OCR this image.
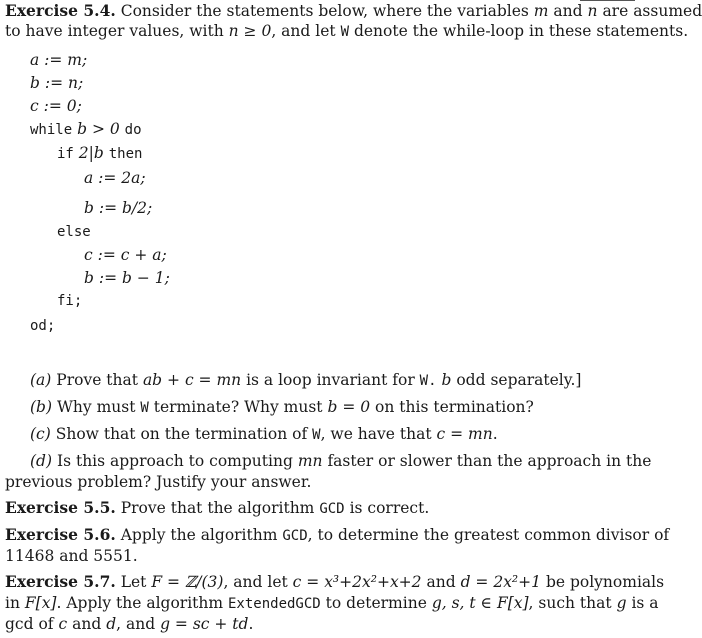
Exercise 5.4. Consider the statements below, where the variables m and n are assumed
to have integer values, with n ≥ 0, and let W denote the while-loop in these statements.
a := m;
b := n;
c := 0;
while b > 0 do
if 2|b then
a := 2a;
b := b/2;
else
c := c + a;
b := b − 1;
fi;
od;
(a) Prove that ab + c = mn is a loop invariant for W. b odd separately.]
(b) Why must W terminate? Why must b = 0 on this termination?
(c) Show that on the termination of W, we have that c = mn.
(d) Is this approach to computing mn faster or slower than the approach in the
previous problem? Justify your answer.
Exercise 5.5. Prove that the algorithm GCD is correct.
Exercise 5.6. Apply the algorithm GCD, to determine the greatest common divisor of
11468 and 5551.
Exercise 5.7. Let F = ℤ/(3), and let c = x³+2x²+x+2 and d = 2x²+1 be polynomials
in F[x]. Apply the algorithm ExtendedGCD to determine g, s, t ∈ F[x], such that g is a
gcd of c and d, and g = sc + td.
